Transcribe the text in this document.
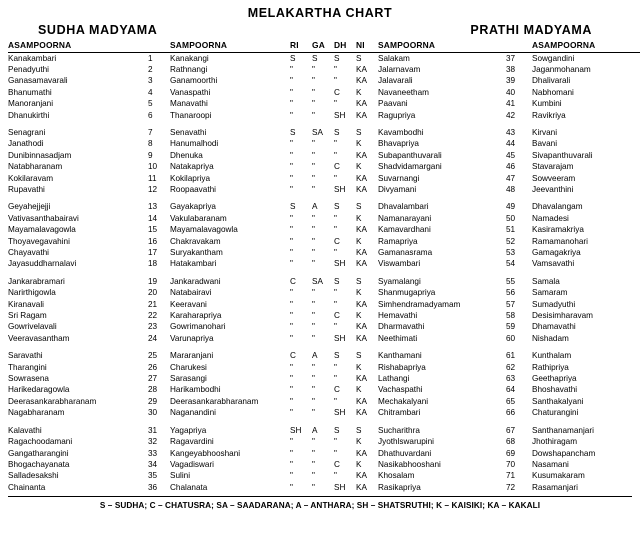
MELAKARTHA CHART
SUDHA MADYAMA	PRATHI MADYAMA
ASAMPOORNA		SAMPOORNA	RI	GA	DH	NI	SAMPOORNA		ASAMPOORNA
Kanakambari	1	Kanakangi	S	S	S	S	Salakam	37	Sowgandini
Penadyuthi	2	Rathnangi	"	"	"	KA	Jalarnavam	38	Jaganmohanam
Ganasamavarali	3	Ganamoorthi	"	"	"	KA	Jalavarali	39	Dhalivarali
Bhanumathi	4	Vanaspathi	"	"	C	K	Navaneetham	40	Nabhomani
Manoranjani	5	Manavathi	"	"	"	KA	Paavani	41	Kumbini
Dhanukirthi	6	Thanaroopi	"	"	SH	KA	Ragupriya	42	Ravikriya

Senagrani	7	Senavathi	S	SA	S	S	Kavambodhi	43	Kirvani
Janathodi	8	Hanumalhodi	"	"	"	K	Bhavapriya	44	Bavani
Dunibinnasadjam	9	Dhenuka	"	"	"	KA	Subapanthuvarali	45	Sivapanthuvarali
Natabharanam	10	Natakapriya	"	"	C	K	Shadvidamargani	46	Stavarajam
Kokilaravam	11	Kokilapriya	"	"	"	KA	Suvarnangi	47	Sowveeram
Rupavathi	12	Roopaavathi	"	"	SH	KA	Divyamani	48	Jeevanthini

Geyahejjejji	13	Gayakapriya	S	A	S	S	Dhavalambari	49	Dhavalangam
Vativasanthabairavi	14	Vakulabaranam	"	"	"	K	Namanarayani	50	Namadesi
Mayamalavagowla	15	Mayamalavagowla	"	"	"	KA	Kamavardhani	51	Kasiramakriya
Thoyavegavahini	16	Chakravakam	"	"	C	K	Ramapriya	52	Ramamanohari
Chayavathi	17	Suryakantham	"	"	"	KA	Gamanasrama	53	Gamagakriya
Jayasuddharnalavi	18	Hatakambari	"	"	SH	KA	Viswambari	54	Vamsavathi

Jankarabramari	19	Jankaradwani	C	SA	S	S	Syamalangi	55	Samala
Narirthigowla	20	Natabairavi	"	"	"	K	Shanmugapriya	56	Samaram
Kiranavali	21	Keeravani	"	"	"	KA	Simhendramadyamam	57	Sumadyuthi
Sri Ragam	22	Karaharapriya	"	"	C	K	Hemavathi	58	Desisimharavam
Gowrivelavali	23	Gowrimanohari	"	"	"	KA	Dharmavathi	59	Dhamavathi
Veeravasantham	24	Varunapriya	"	"	SH	KA	Neethimati	60	Nishadam

Saravathi	25	Mararanjani	C	A	S	S	Kanthamani	61	Kunthalam
Tharangini	26	Charukesi	"	"	"	K	Rishabapriya	62	Rathipriya
Sowrasena	27	Sarasangi	"	"	"	KA	Lathangi	63	Geethapriya
Harikedaragowla	28	Harikambodhi	"	"	C	K	Vachaspathi	64	Bhoshavathi
Deerasankarabharanam	29	Deerasankarabharanam	"	"	"	KA	Mechakalyani	65	Santhakalyani
Nagabharanam	30	Naganandini	"	"	SH	KA	Chitrambari	66	Chaturangini

Kalavathi	31	Yagapriya	SH	A	S	S	Sucharithra	67	Santhanamanjari
Ragachoodamani	32	Ragavardini	"	"	"	K	Jyothlswarupini	68	Jhothiragam
Gangatharangini	33	Kangeyabhooshani	"	"	"	KA	Dhathuvardani	69	Dowshapancham
Bhogachayanata	34	Vagadiswari	"	"	C	K	Nasikabhooshani	70	Nasamani
Salladesakshi	35	Sulini	"	"	"	KA	Khosalam	71	Kusumakaram
Chainanta	36	Chalanata	"	"	SH	KA	Rasikapriya	72	Rasamanjari
S – SUDHA; C – CHATUSRA; SA – SAADARANA; A – ANTHARA; SH – SHATSRUTHI; K – KAISIKI; KA – KAKALI
